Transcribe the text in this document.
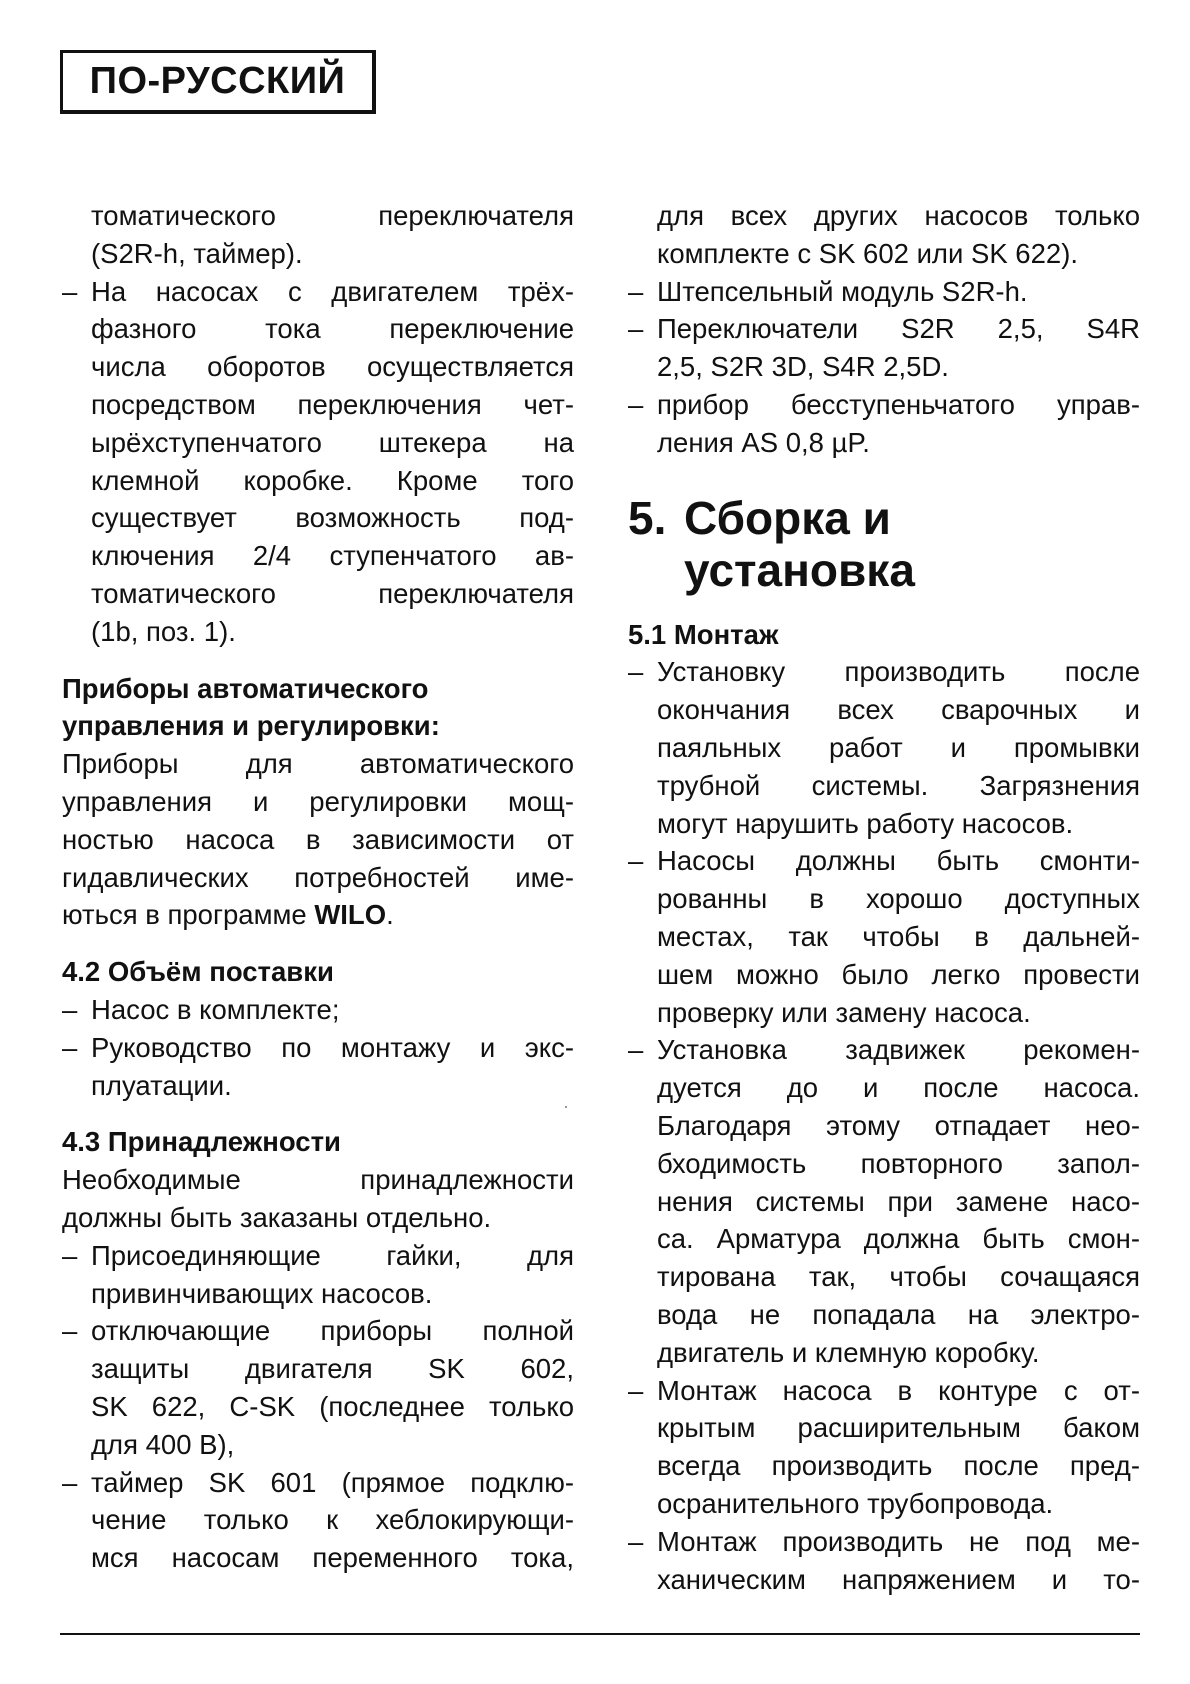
ПО-РУССКИЙ

томатического переключателя

(S2R-h, таймер).

– На насосах с двигателем трёх-

фазного тока переключение

числа оборотов осуществляется

посредством переключения чет-

ырёхступенчатого штекера на

клемной коробке. Кроме того

существует возможность под-

ключения 2/4 ступенчатого ав-

томатического переключателя

(1b, поз. 1).

Приборы автоматического

управления и регулировки:

Приборы для автоматического

управления и регулировки мощ-

ностью насоса в зависимости от

гидавлических потребностей име-

ються в программе WILO.

4.2 Объём поставки
– Насос в комплекте;

– Руководство по монтажу и экс-

плуатации.

4.3 Принадлежности

Необходимые принадлежности

должны быть заказаны отдельно.

– Присоединяющие гайки, для

привинчивающих насосов.

– отключающие приборы полной

защиты двигателя SK 602,

SK 622, C-SK (последнее только

для 400 В),

– таймер SK 601 (прямое подклю-

чение только к хеблокирующи-

мся насосам переменного тока,

для всех других насосов только

комплекте с SK 602 или SK 622).

– Штепсельный модуль S2R-h.

– Переключатели S2R 2,5, S4R

2,5, S2R 3D, S4R 2,5D.

– прибор бесступеньчатого управ-

ления AS 0,8 µP.

5. Сборка и

установка

5.1 Монтаж
– Установку производить после

окончания всех сварочных и

паяльных работ и промывки

трубной системы. Загрязнения

могут нарушить работу насосов.

– Насосы должны быть смонти-

рованны в хорошо доступных

местах, так чтобы в дальней-

шем можно было легко провести

проверку или замену насоса.

– Установка задвижек рекомен-

дуется до и после насоса.

Благодаря этому отпадает нео-

бходимость повторного запол-

нения системы при замене насо-

са. Арматура должна быть смон-

тирована так, чтобы сочащаяся

вода не попадала на электро-

двигатель и клемную коробку.

– Монтаж насоса в контуре с от-

крытым расширительным баком

всегда производить после пред-

осранительного трубопровода.

– Монтаж производить не под ме-

ханическим напряжением и то-
